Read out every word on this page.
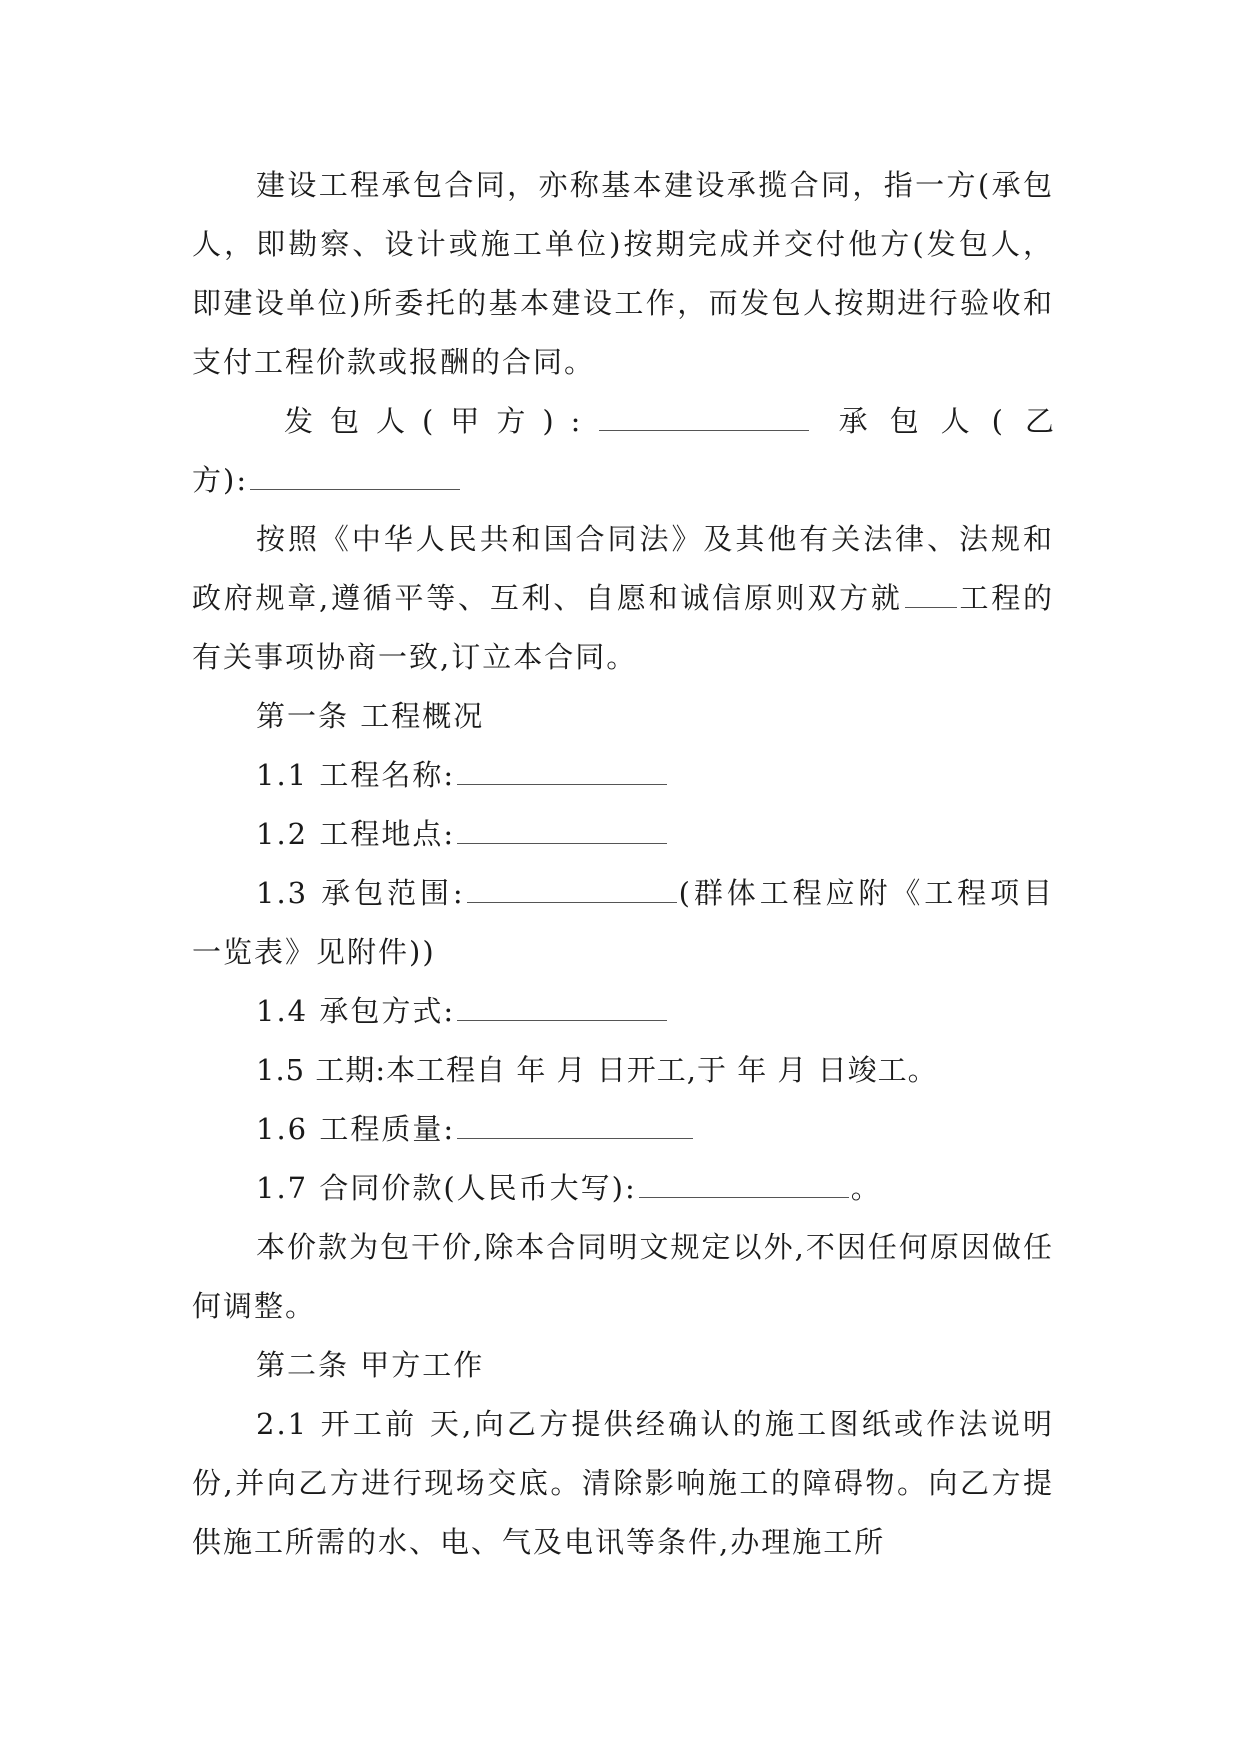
建设工程承包合同，亦称基本建设承揽合同，指一方(承包人，即勘察、设计或施工单位)按期完成并交付他方(发包人，即建设单位)所委托的基本建设工作，而发包人按期进行验收和支付工程价款或报酬的合同。

发包人(甲方):	承包人(乙

方):

按照《中华人民共和国合同法》及其他有关法律、法规和政府规章,遵循平等、互利、自愿和诚信原则双方就 工程的有关事项协商一致,订立本合同。

第一条 工程概况

1.1 工程名称:

1.2 工程地点:

1.3 承包范围:	(群体工程应附《工程项目一览表》见附件))

1.4 承包方式:

1.5 工期:本工程自 年 月 日开工,于 年 月 日竣工。

1.6 工程质量:

1.7 合同价款(人民币大写):	。

本价款为包干价,除本合同明文规定以外,不因任何原因做任何调整。

第二条 甲方工作

2.1 开工前 天,向乙方提供经确认的施工图纸或作法说明 份,并向乙方进行现场交底。清除影响施工的障碍物。向乙方提供施工所需的水、电、气及电讯等条件,办理施工所
